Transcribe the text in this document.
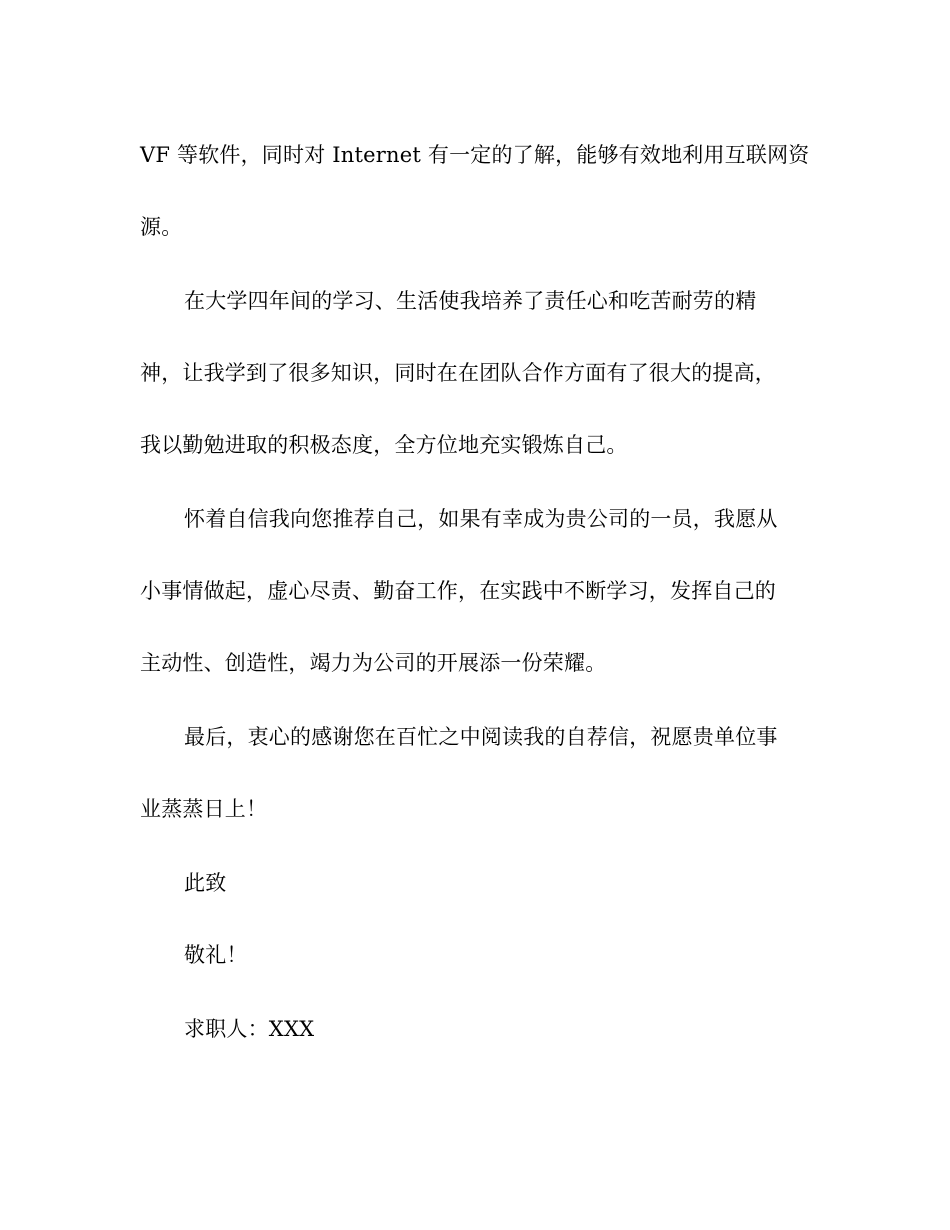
VF 等软件，同时对 Internet 有一定的了解，能够有效地利用互联网资
源。
在大学四年间的学习、生活使我培养了责任心和吃苦耐劳的精
神，让我学到了很多知识，同时在在团队合作方面有了很大的提高，
我以勤勉进取的积极态度，全方位地充实锻炼自己。
怀着自信我向您推荐自己，如果有幸成为贵公司的一员，我愿从
小事情做起，虚心尽责、勤奋工作，在实践中不断学习，发挥自己的
主动性、创造性，竭力为公司的开展添一份荣耀。
最后，衷心的感谢您在百忙之中阅读我的自荐信，祝愿贵单位事
业蒸蒸日上！
此致
敬礼！
求职人：XXX
